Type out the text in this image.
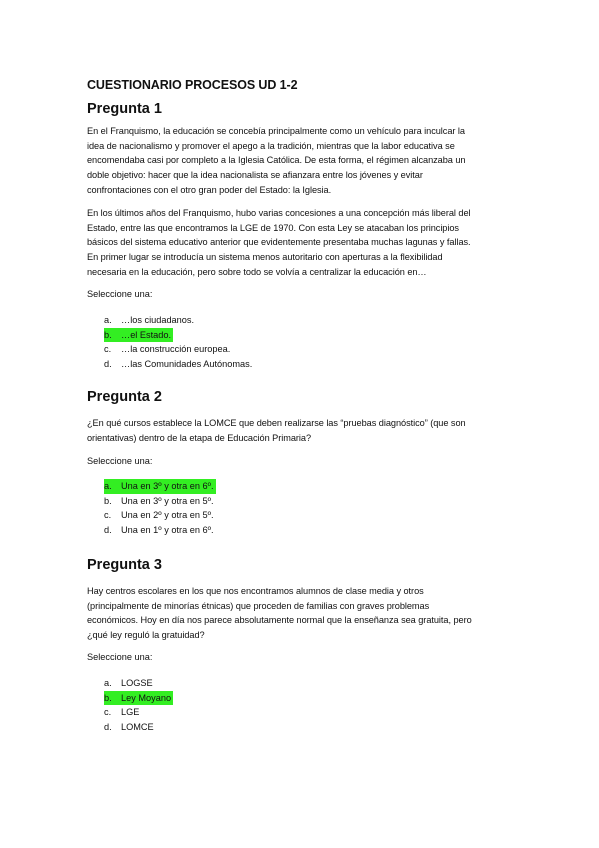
CUESTIONARIO PROCESOS UD 1-2
Pregunta 1
En el Franquismo, la educación se concebía principalmente como un vehículo para inculcar la
idea de nacionalismo y promover el apego a la tradición, mientras que la labor educativa se
encomendaba casi por completo a la Iglesia Católica. De esta forma, el régimen alcanzaba un
doble objetivo: hacer que la idea nacionalista se afianzara entre los jóvenes y evitar
confrontaciones con el otro gran poder del Estado: la Iglesia.
En los últimos años del Franquismo, hubo varias concesiones a una concepción más liberal del
Estado, entre las que encontramos la LGE de 1970. Con esta Ley se atacaban los principios
básicos del sistema educativo anterior que evidentemente presentaba muchas lagunas y fallas.
En primer lugar se introducía un sistema menos autoritario con aperturas a la flexibilidad
necesaria en la educación, pero sobre todo se volvía a centralizar la educación en…
Seleccione una:
a. …los ciudadanos.
b. …el Estado.
c. …la construcción europea.
d. …las Comunidades Autónomas.
Pregunta 2
¿En qué cursos establece la LOMCE que deben realizarse las “pruebas diagnóstico” (que son
orientativas) dentro de la etapa de Educación Primaria?
Seleccione una:
a. Una en 3º y otra en 6º.
b. Una en 3º y otra en 5º.
c. Una en 2º y otra en 5º.
d. Una en 1º y otra en 6º.
Pregunta 3
Hay centros escolares en los que nos encontramos alumnos de clase media y otros
(principalmente de minorías étnicas) que proceden de familias con graves problemas
económicos. Hoy en día nos parece absolutamente normal que la enseñanza sea gratuita, pero
¿qué ley reguló la gratuidad?
Seleccione una:
a. LOGSE
b. Ley Moyano
c. LGE
d. LOMCE
